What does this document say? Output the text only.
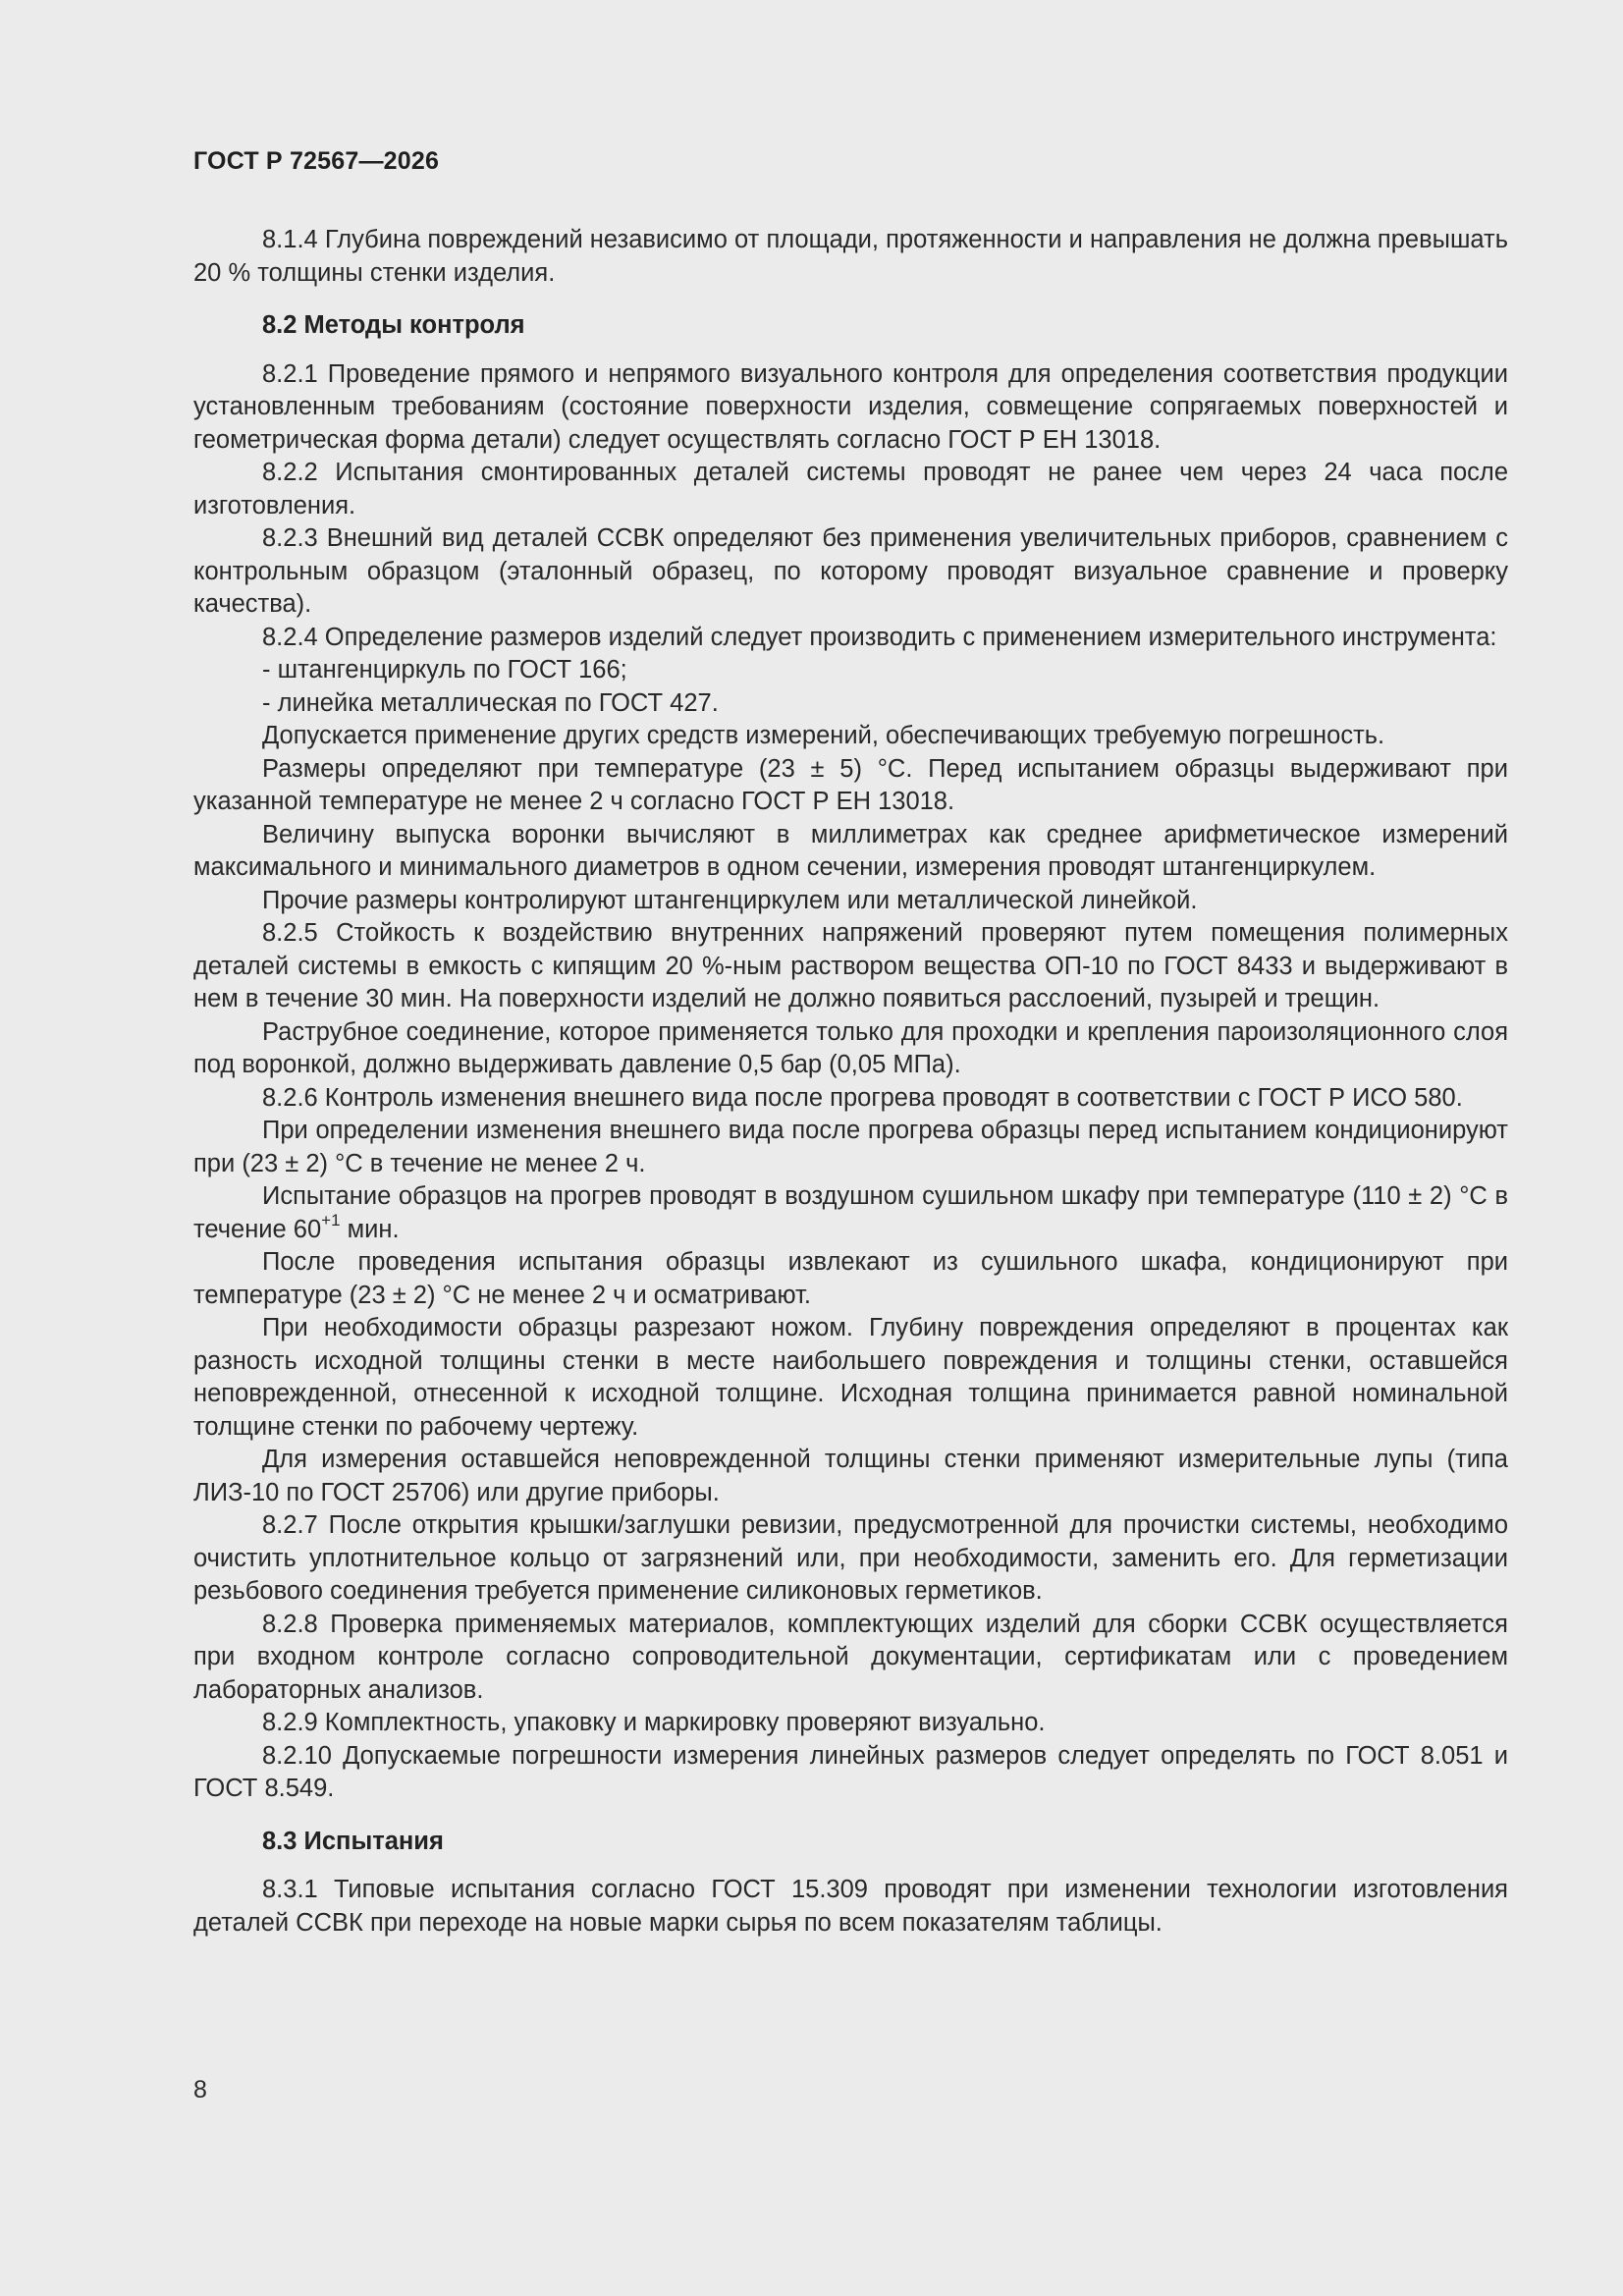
ГОСТ Р 72567—2026

8.1.4 Глубина повреждений независимо от площади, протяженности и направления не должна превышать 20 % толщины стенки изделия.

8.2 Методы контроля

8.2.1 Проведение прямого и непрямого визуального контроля для определения соответствия продукции установленным требованиям (состояние поверхности изделия, совмещение сопрягаемых поверхностей и геометрическая форма детали) следует осуществлять согласно ГОСТ Р ЕН 13018.

8.2.2 Испытания смонтированных деталей системы проводят не ранее чем через 24 часа после изготовления.

8.2.3 Внешний вид деталей ССВК определяют без применения увеличительных приборов, сравнением с контрольным образцом (эталонный образец, по которому проводят визуальное сравнение и проверку качества).

8.2.4 Определение размеров изделий следует производить с применением измерительного инструмента:

- штангенциркуль по ГОСТ 166;

- линейка металлическая по ГОСТ 427.

Допускается применение других средств измерений, обеспечивающих требуемую погрешность.

Размеры определяют при температуре (23 ± 5) °С. Перед испытанием образцы выдерживают при указанной температуре не менее 2 ч согласно ГОСТ Р ЕН 13018.

Величину выпуска воронки вычисляют в миллиметрах как среднее арифметическое измерений максимального и минимального диаметров в одном сечении, измерения проводят штангенциркулем.

Прочие размеры контролируют штангенциркулем или металлической линейкой.

8.2.5 Стойкость к воздействию внутренних напряжений проверяют путем помещения полимерных деталей системы в емкость с кипящим 20 %-ным раствором вещества ОП-10 по ГОСТ 8433 и выдерживают в нем в течение 30 мин. На поверхности изделий не должно появиться расслоений, пузырей и трещин.

Раструбное соединение, которое применяется только для проходки и крепления пароизоляционного слоя под воронкой, должно выдерживать давление 0,5 бар (0,05 МПа).

8.2.6 Контроль изменения внешнего вида после прогрева проводят в соответствии с ГОСТ Р ИСО 580.

При определении изменения внешнего вида после прогрева образцы перед испытанием кондиционируют при (23 ± 2) °С в течение не менее 2 ч.

Испытание образцов на прогрев проводят в воздушном сушильном шкафу при температуре (110 ± 2) °С в течение $60^{+1}$ мин.

После проведения испытания образцы извлекают из сушильного шкафа, кондиционируют при температуре (23 ± 2) °С не менее 2 ч и осматривают.

При необходимости образцы разрезают ножом. Глубину повреждения определяют в процентах как разность исходной толщины стенки в месте наибольшего повреждения и толщины стенки, оставшейся неповрежденной, отнесенной к исходной толщине. Исходная толщина принимается равной номинальной толщине стенки по рабочему чертежу.

Для измерения оставшейся неповрежденной толщины стенки применяют измерительные лупы (типа ЛИЗ-10 по ГОСТ 25706) или другие приборы.

8.2.7 После открытия крышки/заглушки ревизии, предусмотренной для прочистки системы, необходимо очистить уплотнительное кольцо от загрязнений или, при необходимости, заменить его. Для герметизации резьбового соединения требуется применение силиконовых герметиков.

8.2.8 Проверка применяемых материалов, комплектующих изделий для сборки ССВК осуществляется при входном контроле согласно сопроводительной документации, сертификатам или с проведением лабораторных анализов.

8.2.9 Комплектность, упаковку и маркировку проверяют визуально.

8.2.10 Допускаемые погрешности измерения линейных размеров следует определять по ГОСТ 8.051 и ГОСТ 8.549.

8.3 Испытания

8.3.1 Типовые испытания согласно ГОСТ 15.309 проводят при изменении технологии изготовления деталей ССВК при переходе на новые марки сырья по всем показателям таблицы.

8
